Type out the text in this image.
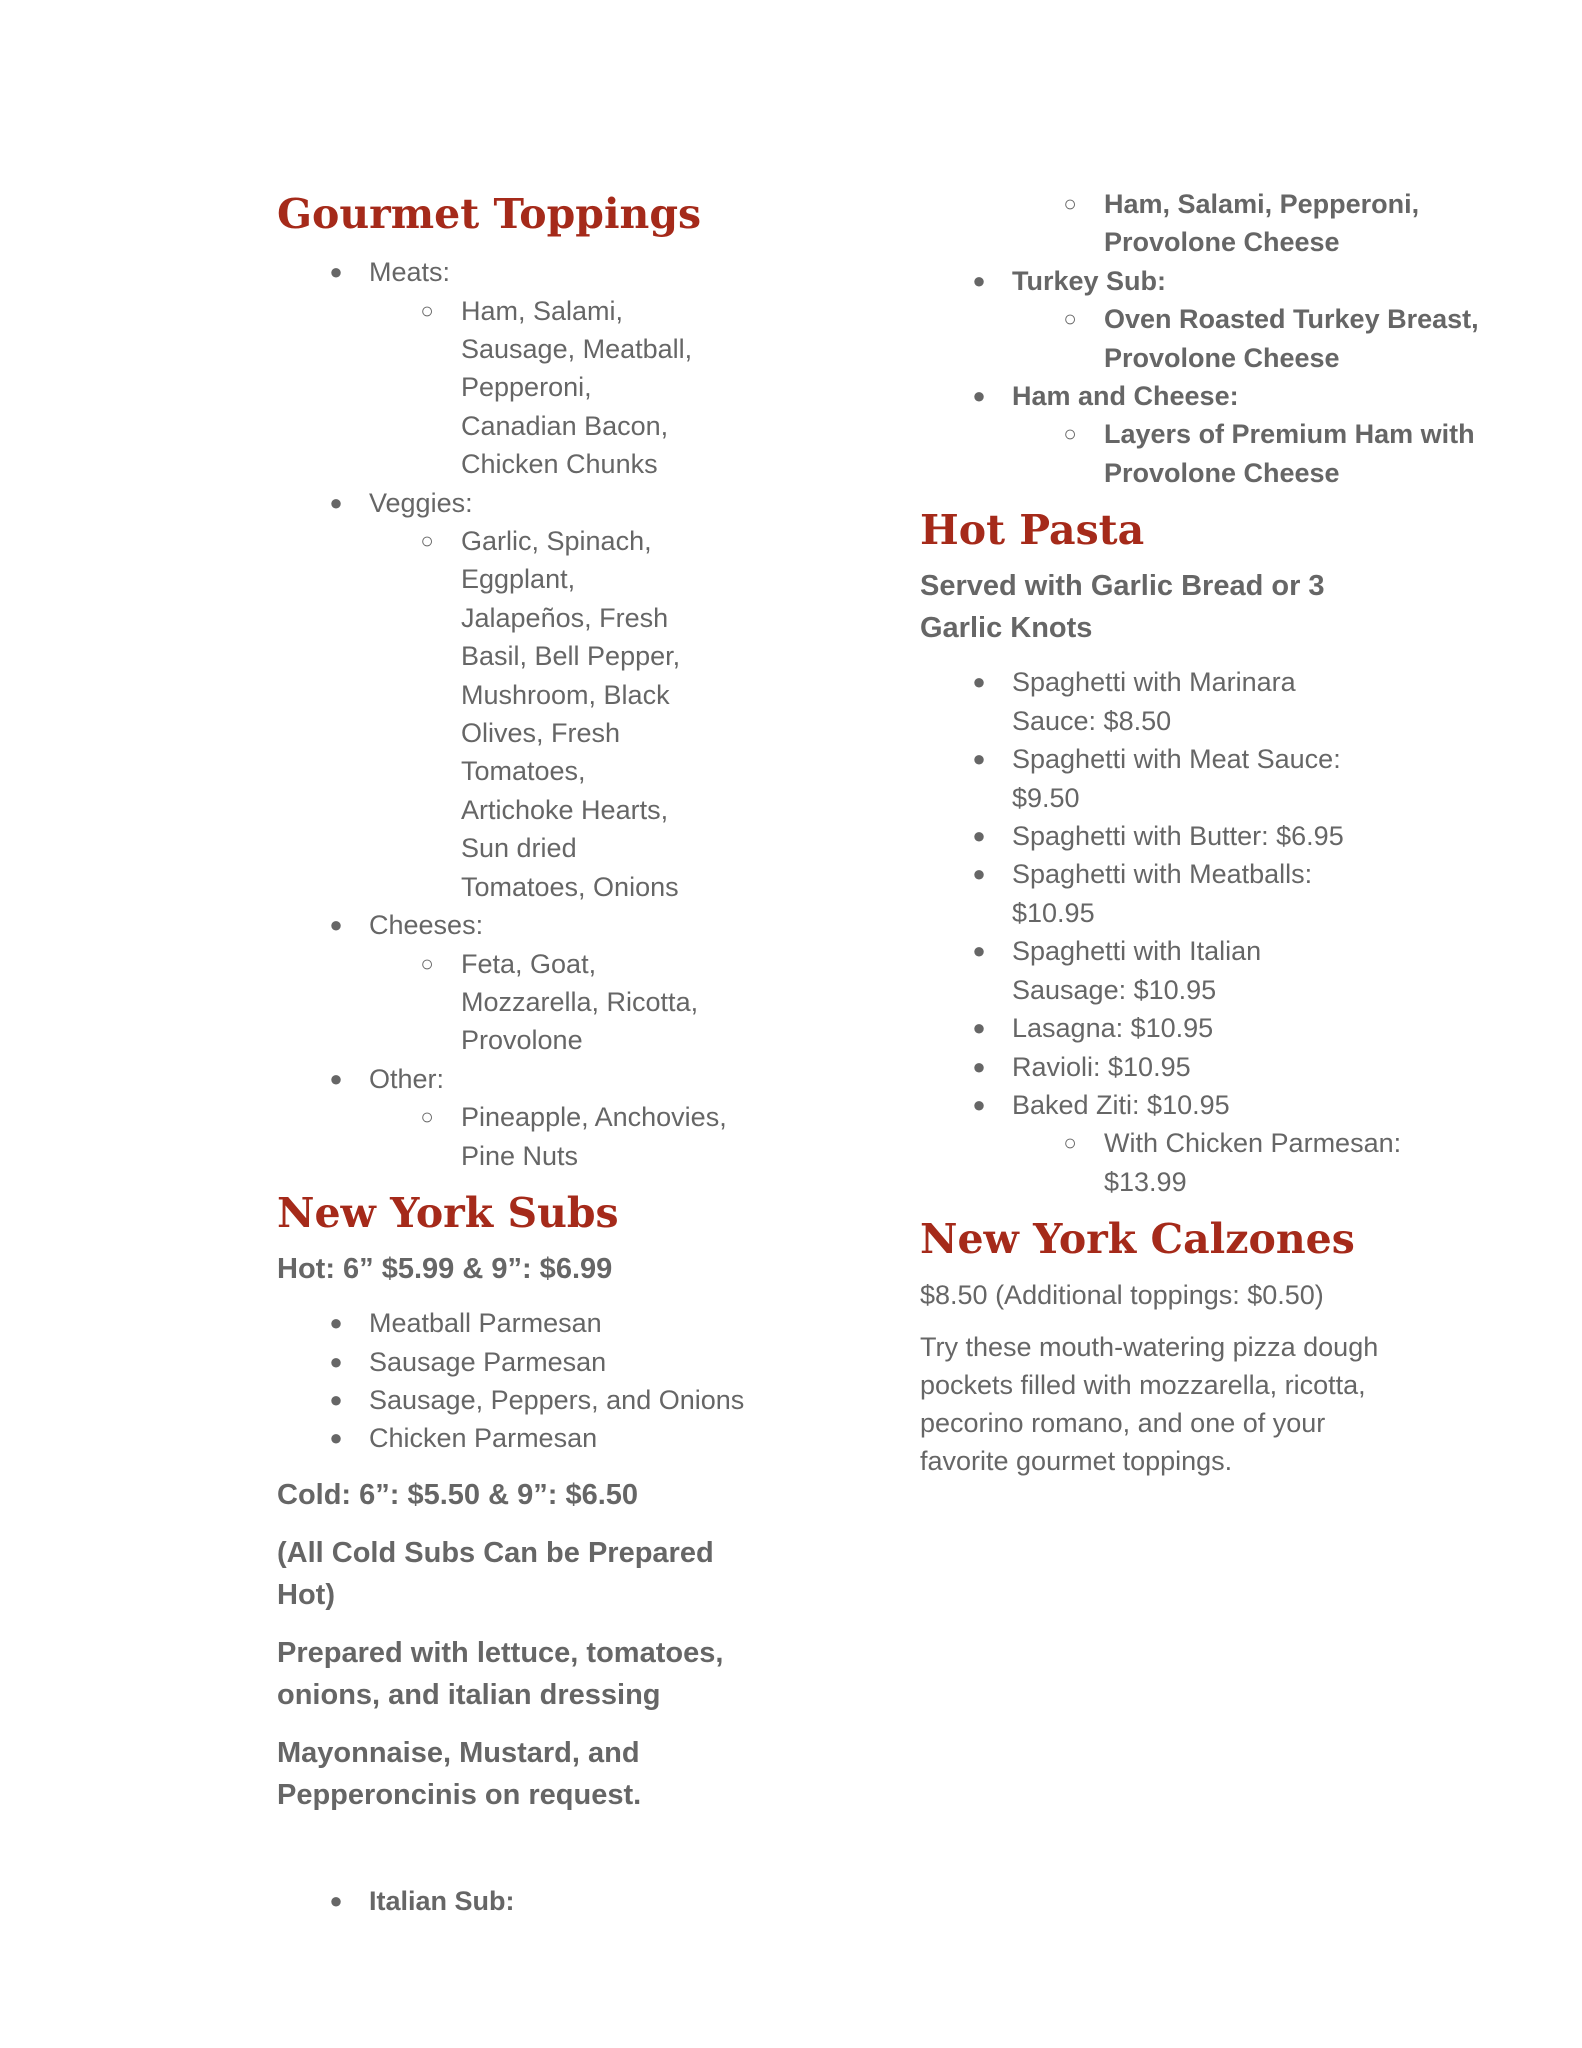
Gourmet Toppings
●
Meats:
○
Ham, Salami, Sausage, Meatball, Pepperoni, Canadian Bacon, Chicken Chunks
●
Veggies:
○
Garlic, Spinach, Eggplant, Jalapeños, Fresh Basil, Bell Pepper, Mushroom, Black Olives, Fresh Tomatoes, Artichoke Hearts, Sun dried Tomatoes, Onions
●
Cheeses:
○
Feta, Goat, Mozzarella, Ricotta, Provolone
●
Other:
○
Pineapple, Anchovies, Pine Nuts
New York Subs

Hot: 6” $5.99 & 9”: $6.99

●
Meatball Parmesan
●
Sausage Parmesan
●
Sausage, Peppers, and Onions
●
Chicken Parmesan

Cold: 6”: $5.50 & 9”: $6.50

(All Cold Subs Can be Prepared Hot)

Prepared with lettuce, tomatoes, onions, and italian dressing

Mayonnaise, Mustard, and Pepperoncinis on request.

●
Italian Sub:
○
Ham, Salami, Pepperoni, Provolone Cheese
●
Turkey Sub:
○
Oven Roasted Turkey Breast, Provolone Cheese
●
Ham and Cheese:
○
Layers of Premium Ham with Provolone Cheese
Hot Pasta

Served with Garlic Bread or 3 Garlic Knots

●
Spaghetti with Marinara Sauce: $8.50
●
Spaghetti with Meat Sauce: $9.50
●
Spaghetti with Butter: $6.95
●
Spaghetti with Meatballs: $10.95
●
Spaghetti with Italian Sausage: $10.95
●
Lasagna: $10.95
●
Ravioli: $10.95
●
Baked Ziti: $10.95
○
With Chicken Parmesan: $13.99
New York Calzones

$8.50 (Additional toppings: $0.50)

Try these mouth-watering pizza dough pockets filled with mozzarella, ricotta, pecorino romano, and one of your favorite gourmet toppings.
